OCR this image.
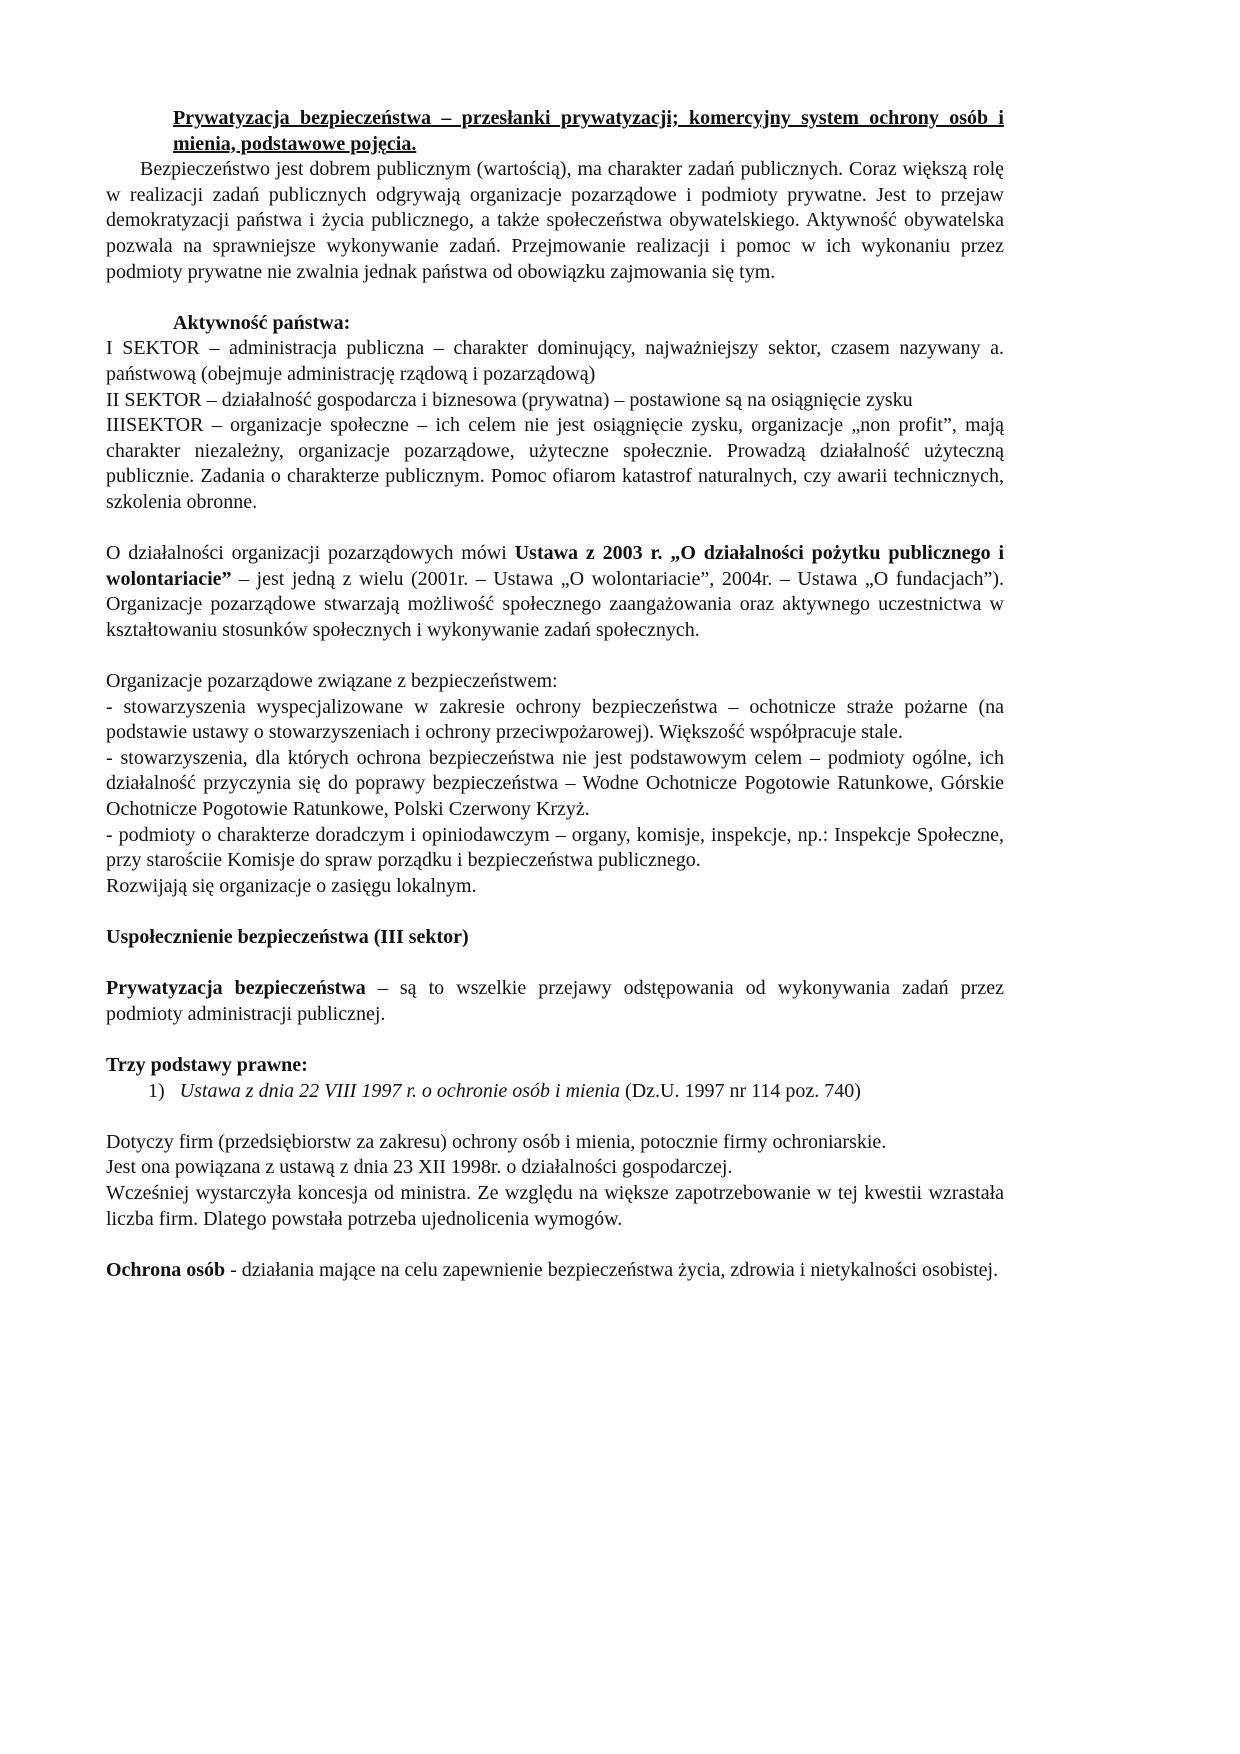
Prywatyzacja bezpieczeństwa – przesłanki prywatyzacji; komercyjny system ochrony osób i mienia, podstawowe pojęcia.

Bezpieczeństwo jest dobrem publicznym (wartością), ma charakter zadań publicznych. Coraz większą rolę w realizacji zadań publicznych odgrywają organizacje pozarządowe i podmioty prywatne. Jest to przejaw demokratyzacji państwa i życia publicznego, a także społeczeństwa obywatelskiego. Aktywność obywatelska pozwala na sprawniejsze wykonywanie zadań. Przejmowanie realizacji i pomoc w ich wykonaniu przez podmioty prywatne nie zwalnia jednak państwa od obowiązku zajmowania się tym.

Aktywność państwa:

I SEKTOR – administracja publiczna – charakter dominujący, najważniejszy sektor, czasem nazywany a. państwową (obejmuje administrację rządową i pozarządową)

II SEKTOR – działalność gospodarcza i biznesowa (prywatna) – postawione są na osiągnięcie zysku

IIISEKTOR – organizacje społeczne – ich celem nie jest osiągnięcie zysku, organizacje „non profit”, mają charakter niezależny, organizacje pozarządowe, użyteczne społecznie. Prowadzą działalność użyteczną publicznie. Zadania o charakterze publicznym. Pomoc ofiarom katastrof naturalnych, czy awarii technicznych, szkolenia obronne.

O działalności organizacji pozarządowych mówi Ustawa z 2003 r. „O działalności pożytku publicznego i wolontariacie” – jest jedną z wielu (2001r. – Ustawa „O wolontariacie”, 2004r. – Ustawa „O fundacjach”). Organizacje pozarządowe stwarzają możliwość społecznego zaangażowania oraz aktywnego uczestnictwa w kształtowaniu stosunków społecznych i wykonywanie zadań społecznych.

Organizacje pozarządowe związane z bezpieczeństwem:

- stowarzyszenia wyspecjalizowane w zakresie ochrony bezpieczeństwa – ochotnicze straże pożarne (na podstawie ustawy o stowarzyszeniach i ochrony przeciwpożarowej). Większość współpracuje stale.

- stowarzyszenia, dla których ochrona bezpieczeństwa nie jest podstawowym celem – podmioty ogólne, ich działalność przyczynia się do poprawy bezpieczeństwa – Wodne Ochotnicze Pogotowie Ratunkowe, Górskie Ochotnicze Pogotowie Ratunkowe, Polski Czerwony Krzyż.

- podmioty o charakterze doradczym i opiniodawczym – organy, komisje, inspekcje, np.: Inspekcje Społeczne, przy starościie Komisje do spraw porządku i bezpieczeństwa publicznego.

Rozwijają się organizacje o zasięgu lokalnym.

Uspołecznienie bezpieczeństwa (III sektor)

Prywatyzacja bezpieczeństwa – są to wszelkie przejawy odstępowania od wykonywania zadań przez podmioty administracji publicznej.

Trzy podstawy prawne:

1) Ustawa z dnia 22 VIII 1997 r. o ochronie osób i mienia (Dz.U. 1997 nr 114 poz. 740)

Dotyczy firm (przedsiębiorstw za zakresu) ochrony osób i mienia, potocznie firmy ochroniarskie.

Jest ona powiązana z ustawą z dnia 23 XII 1998r. o działalności gospodarczej.

Wcześniej wystarczyła koncesja od ministra. Ze względu na większe zapotrzebowanie w tej kwestii wzrastała liczba firm. Dlatego powstała potrzeba ujednolicenia wymogów.

Ochrona osób - działania mające na celu zapewnienie bezpieczeństwa życia, zdrowia i nietykalności osobistej.
